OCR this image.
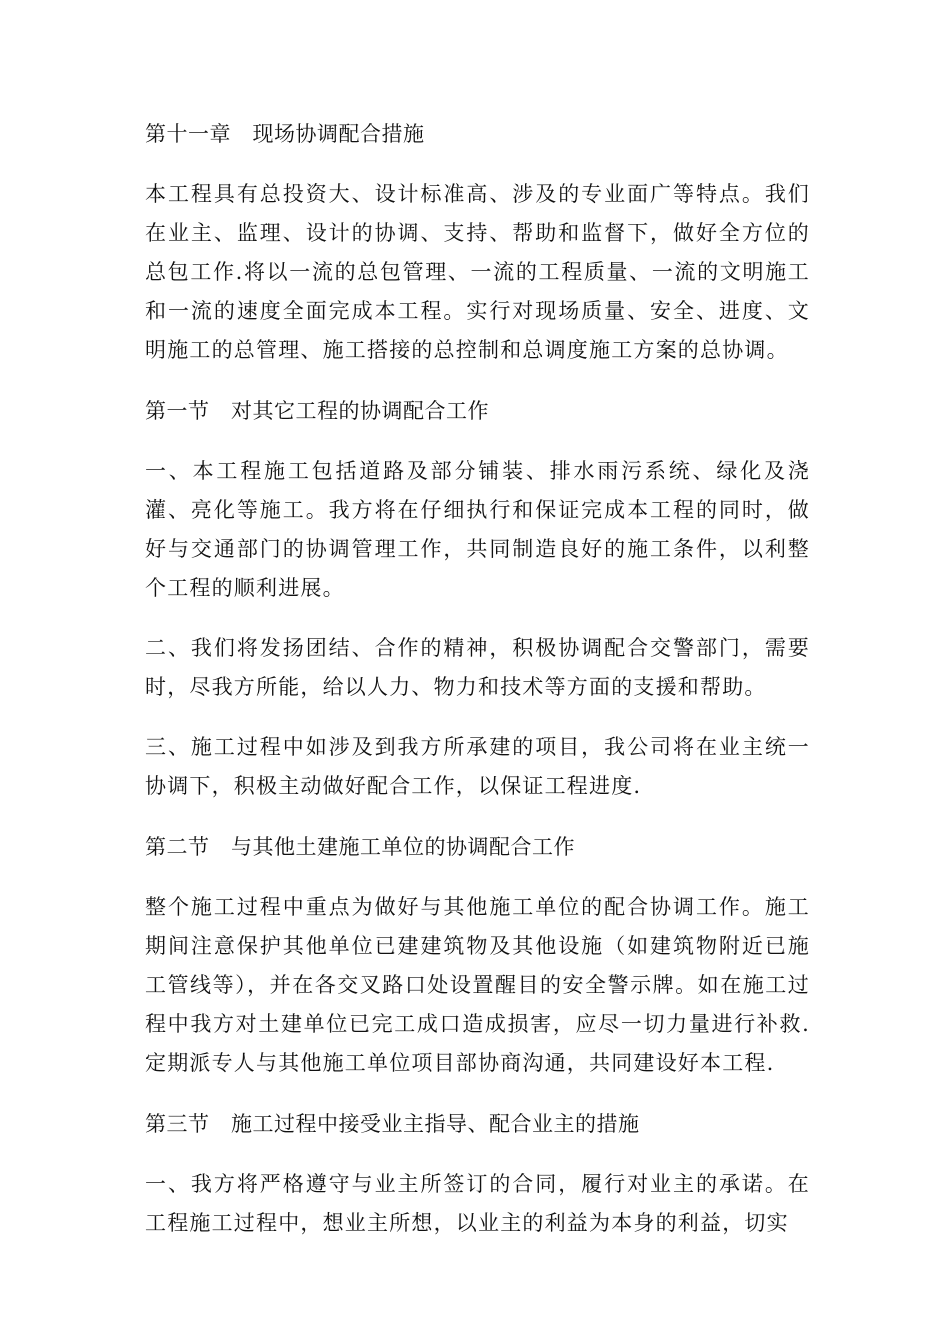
第十一章　现场协调配合措施

本工程具有总投资大、设计标准高、涉及的专业面广等特点。我们在业主、监理、设计的协调、支持、帮助和监督下，做好全方位的总包工作.将以一流的总包管理、一流的工程质量、一流的文明施工和一流的速度全面完成本工程。实行对现场质量、安全、进度、文明施工的总管理、施工搭接的总控制和总调度施工方案的总协调。

第一节　对其它工程的协调配合工作

一、本工程施工包括道路及部分铺装、排水雨污系统、绿化及浇灌、亮化等施工。我方将在仔细执行和保证完成本工程的同时，做好与交通部门的协调管理工作，共同制造良好的施工条件，以利整个工程的顺利进展。

二、我们将发扬团结、合作的精神，积极协调配合交警部门，需要时，尽我方所能，给以人力、物力和技术等方面的支援和帮助。

三、施工过程中如涉及到我方所承建的项目，我公司将在业主统一协调下，积极主动做好配合工作，以保证工程进度.

第二节　与其他土建施工单位的协调配合工作

整个施工过程中重点为做好与其他施工单位的配合协调工作。施工期间注意保护其他单位已建建筑物及其他设施（如建筑物附近已施工管线等），并在各交叉路口处设置醒目的安全警示牌。如在施工过程中我方对土建单位已完工成口造成损害，应尽一切力量进行补救.定期派专人与其他施工单位项目部协商沟通，共同建设好本工程.

第三节　施工过程中接受业主指导、配合业主的措施

一、我方将严格遵守与业主所签订的合同，履行对业主的承诺。在工程施工过程中，想业主所想，以业主的利益为本身的利益，切实
